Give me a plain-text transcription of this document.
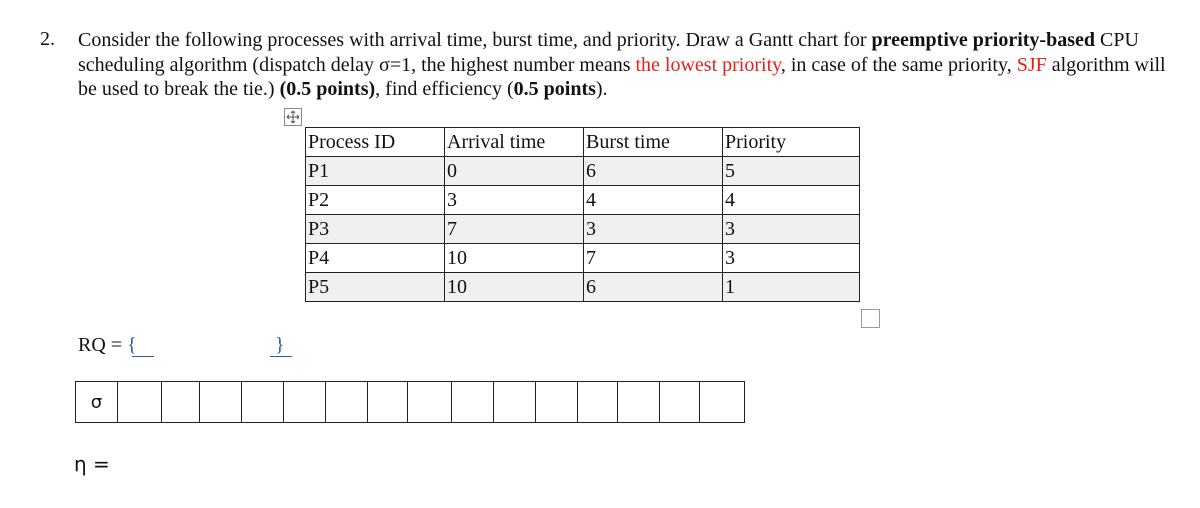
2. Consider the following processes with arrival time, burst time, and priority. Draw a Gantt chart for preemptive priority-based CPU scheduling algorithm (dispatch delay σ=1, the highest number means the lowest priority, in case of the same priority, SJF algorithm will be used to break the tie.) (0.5 points), find efficiency (0.5 points).
Process ID	Arrival time	Burst time	Priority
P1	0	6	5
P2	3	4	4
P3	7	3	3
P4	10	7	3
P5	10	6	1
RQ = {	}
σ
η =
